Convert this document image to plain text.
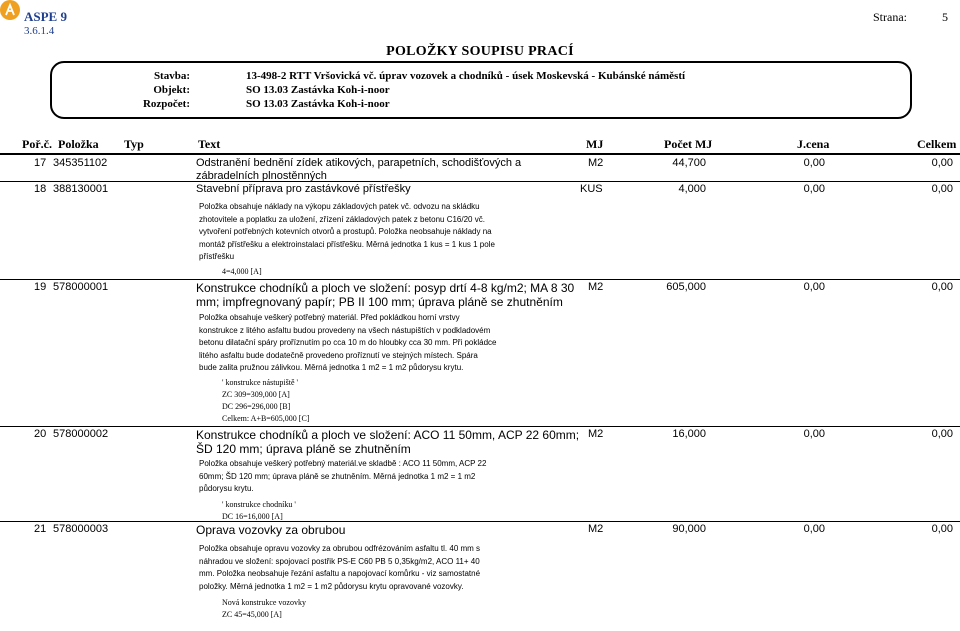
ASPE 9
3.6.1.4
Strana:	5
POLOŽKY SOUPISU PRACÍ
Stavba:	13-498-2 RTT Vršovická vč. úprav vozovek a chodníků - úsek Moskevská - Kubánské náměstí
Objekt:	SO 13.03 Zastávka Koh-i-noor
Rozpočet:	SO 13.03 Zastávka Koh-i-noor
Poř.č. Položka Typ	Text	MJ	Počet MJ	J.cena	Celkem
17 345351102	Odstranění bednění zídek atikových, parapetních, schodišťových a
zábradelních plnostěnných
M2	44,700	0,00	0,00
18 388130001	Stavební příprava pro zastávkové přístřešky	KUS	4,000	0,00	0,00
Položka obsahuje náklady na výkopu základových patek vč. odvozu na skládku
zhotovitele a poplatku za uložení, zřízení základových patek z betonu C16/20 vč.
vytvoření potřebných kotevních otvorů a prostupů. Položka neobsahuje náklady na
montáž přístřešku a elektroinstalaci přístřešku. Měrná jednotka 1 kus = 1 kus 1 pole
přístřešku
4=4,000 [A]
19 578000001	Konstrukce chodníků a ploch ve složení: posyp drtí 4-8 kg/m2; MA 8 30
mm; impfregnovaný papír; PB II 100 mm; úprava pláně se zhutněním
M2	605,000	0,00	0,00
Položka obsahuje veškerý potřebný materiál. Před pokládkou horní vrstvy
konstrukce z litého asfaltu budou provedeny na všech nástupištích v podkladovém
betonu dilatační spáry proříznutím po cca 10 m do hloubky cca 30 mm. Při pokládce
litého asfaltu bude dodatečně provedeno proříznutí ve stejných místech. Spára
bude zalita pružnou zálivkou. Měrná jednotka 1 m2 = 1 m2 půdorysu krytu.
' konstrukce nástupiště '
ZC 309=309,000 [A]
DC 296=296,000 [B]
Celkem: A+B=605,000 [C]
20 578000002	Konstrukce chodníků a ploch ve složení: ACO 11 50mm, ACP 22 60mm;
ŠD 120 mm; úprava pláně se zhutněním
M2	16,000	0,00	0,00
Položka obsahuje veškerý potřebný materiál.ve skladbě : ACO 11 50mm, ACP 22
60mm; ŠD 120 mm; úprava pláně se zhutněním. Měrná jednotka 1 m2 = 1 m2
půdorysu krytu.
' konstrukce chodníku '
DC 16=16,000 [A]
21 578000003	Oprava vozovky za obrubou	M2	90,000	0,00	0,00
Položka obsahuje opravu vozovky za obrubou odfrézováním asfaltu tl. 40 mm s
náhradou ve složení: spojovací postřik PS-E C60 PB 5 0,35kg/m2, ACO 11+ 40
mm. Položka neobsahuje řezání asfaltu a napojovací komůrku - viz samostatné
položky. Měrná jednotka 1 m2 = 1 m2 půdorysu krytu opravované vozovky.
Nová konstrukce vozovky
ZC 45=45,000 [A]
